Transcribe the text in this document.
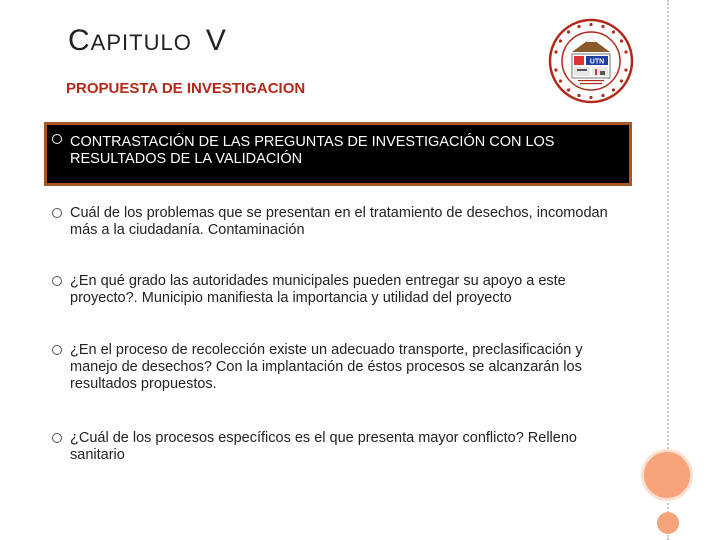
CAPITULO V
PROPUESTA DE INVESTIGACION
UTN
CONTRASTACIÓN DE LAS PREGUNTAS DE INVESTIGACIÓN CON LOS RESULTADOS DE LA VALIDACIÓN
Cuál de los problemas que se presentan en el tratamiento de desechos, incomodan más a la ciudadanía. Contaminación
¿En qué grado las autoridades municipales pueden entregar su apoyo a este proyecto?. Municipio manifiesta la importancia y utilidad del proyecto
¿En el proceso de recolección existe un adecuado transporte, preclasificación y manejo de desechos? Con la implantación de éstos procesos se alcanzarán los resultados propuestos.
¿Cuál de los procesos específicos es el que presenta mayor conflicto? Relleno sanitario
